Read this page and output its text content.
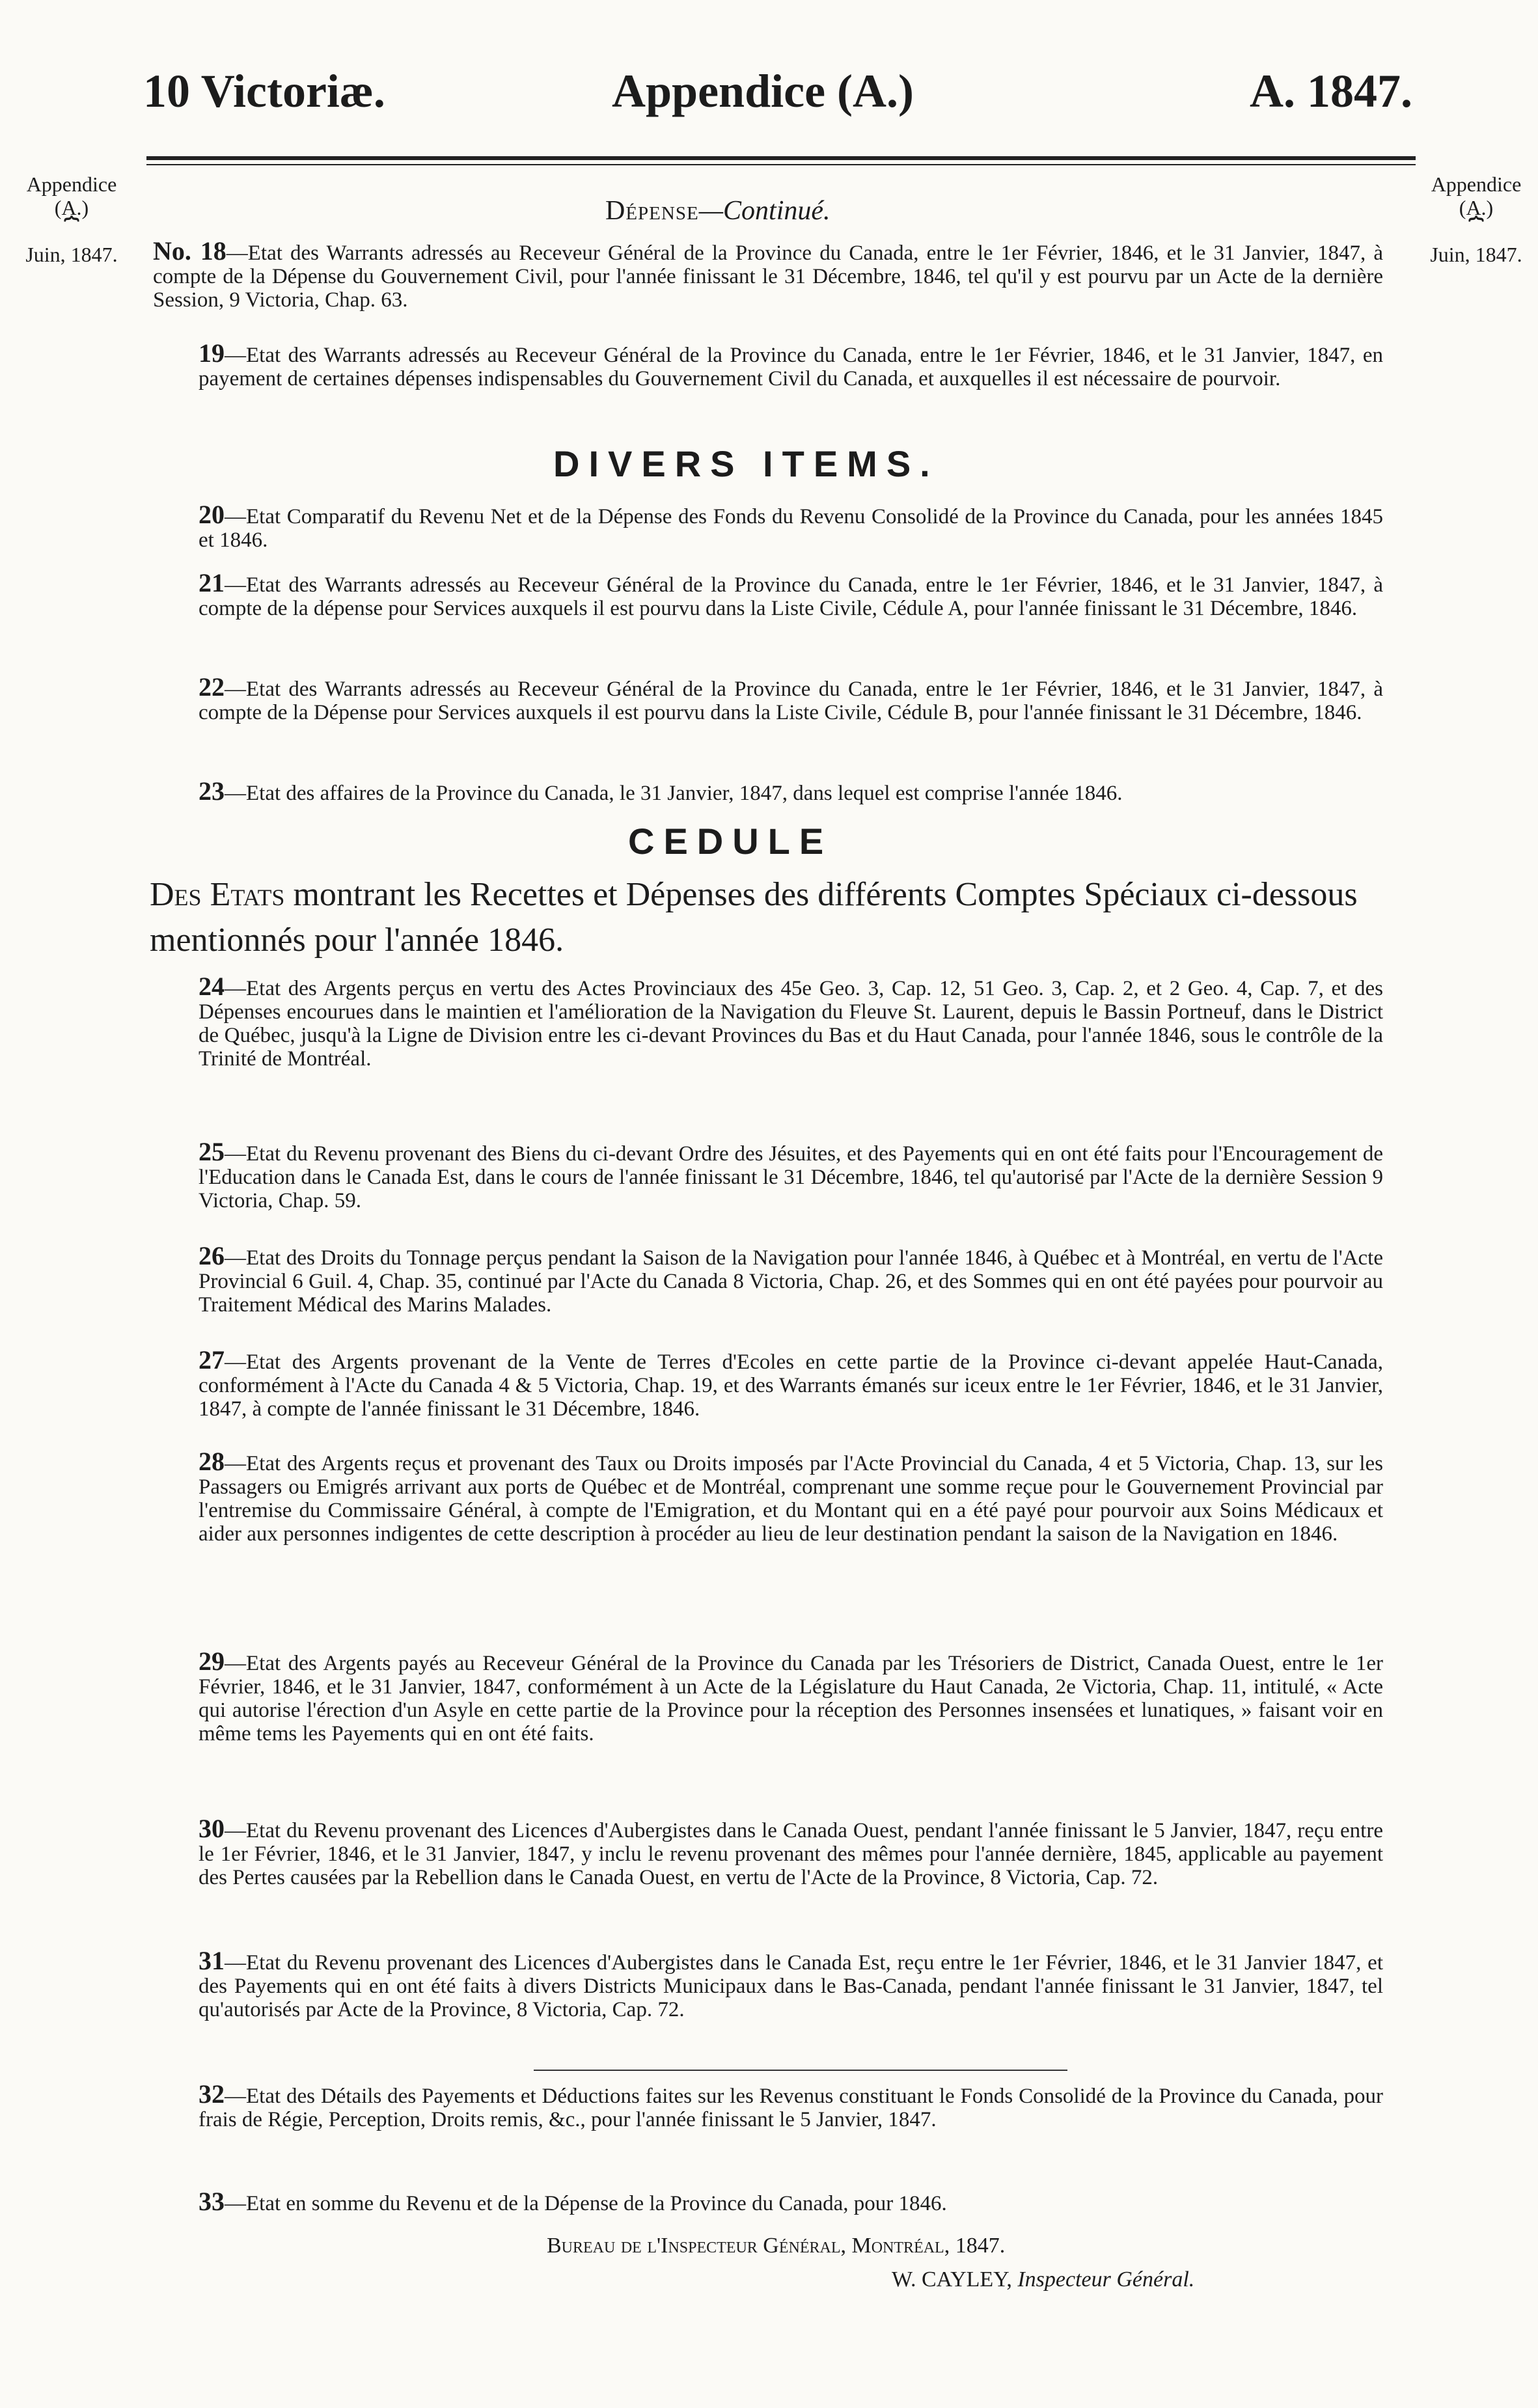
10 Victoriæ.	Appendice (A.)	A. 1847.
Appendice
(A.)
⏞
Juin, 1847.
Appendice
(A.)
⏞
Juin, 1847.
Dépense—Continué.
No. 18—Etat des Warrants adressés au Receveur Général de la Province du Canada, entre le 1er Février, 1846, et le 31 Janvier, 1847, à compte de la Dépense du Gouvernement Civil, pour l'année finissant le 31 Décembre, 1846, tel qu'il y est pourvu par un Acte de la dernière Session, 9 Victoria, Chap. 63.
19—Etat des Warrants adressés au Receveur Général de la Province du Canada, entre le 1er Février, 1846, et le 31 Janvier, 1847, en payement de certaines dépenses indispensables du Gouvernement Civil du Canada, et auxquelles il est nécessaire de pourvoir.
DIVERS ITEMS.
20—Etat Comparatif du Revenu Net et de la Dépense des Fonds du Revenu Consolidé de la Province du Canada, pour les années 1845 et 1846.
21—Etat des Warrants adressés au Receveur Général de la Province du Canada, entre le 1er Février, 1846, et le 31 Janvier, 1847, à compte de la dépense pour Services auxquels il est pourvu dans la Liste Civile, Cédule A, pour l'année finissant le 31 Décembre, 1846.
22—Etat des Warrants adressés au Receveur Général de la Province du Canada, entre le 1er Février, 1846, et le 31 Janvier, 1847, à compte de la Dépense pour Services auxquels il est pourvu dans la Liste Civile, Cédule B, pour l'année finissant le 31 Décembre, 1846.
23—Etat des affaires de la Province du Canada, le 31 Janvier, 1847, dans lequel est comprise l'année 1846.
CEDULE
Des Etats montrant les Recettes et Dépenses des différents Comptes Spéciaux ci-dessous mentionnés pour l'année 1846.
24—Etat des Argents perçus en vertu des Actes Provinciaux des 45e Geo. 3, Cap. 12, 51 Geo. 3, Cap. 2, et 2 Geo. 4, Cap. 7, et des Dépenses encourues dans le maintien et l'amélioration de la Navigation du Fleuve St. Laurent, depuis le Bassin Portneuf, dans le District de Québec, jusqu'à la Ligne de Division entre les ci-devant Provinces du Bas et du Haut Canada, pour l'année 1846, sous le contrôle de la Trinité de Montréal.
25—Etat du Revenu provenant des Biens du ci-devant Ordre des Jésuites, et des Payements qui en ont été faits pour l'Encouragement de l'Education dans le Canada Est, dans le cours de l'année finissant le 31 Décembre, 1846, tel qu'autorisé par l'Acte de la dernière Session 9 Victoria, Chap. 59.
26—Etat des Droits du Tonnage perçus pendant la Saison de la Navigation pour l'année 1846, à Québec et à Montréal, en vertu de l'Acte Provincial 6 Guil. 4, Chap. 35, continué par l'Acte du Canada 8 Victoria, Chap. 26, et des Sommes qui en ont été payées pour pourvoir au Traitement Médical des Marins Malades.
27—Etat des Argents provenant de la Vente de Terres d'Ecoles en cette partie de la Province ci-devant appelée Haut-Canada, conformément à l'Acte du Canada 4 & 5 Victoria, Chap. 19, et des Warrants émanés sur iceux entre le 1er Février, 1846, et le 31 Janvier, 1847, à compte de l'année finissant le 31 Décembre, 1846.
28—Etat des Argents reçus et provenant des Taux ou Droits imposés par l'Acte Provincial du Canada, 4 et 5 Victoria, Chap. 13, sur les Passagers ou Emigrés arrivant aux ports de Québec et de Montréal, comprenant une somme reçue pour le Gouvernement Provincial par l'entremise du Commissaire Général, à compte de l'Emigration, et du Montant qui en a été payé pour pourvoir aux Soins Médicaux et aider aux personnes indigentes de cette description à procéder au lieu de leur destination pendant la saison de la Navigation en 1846.
29—Etat des Argents payés au Receveur Général de la Province du Canada par les Trésoriers de District, Canada Ouest, entre le 1er Février, 1846, et le 31 Janvier, 1847, conformément à un Acte de la Législature du Haut Canada, 2e Victoria, Chap. 11, intitulé, « Acte qui autorise l'érection d'un Asyle en cette partie de la Province pour la réception des Personnes insensées et lunatiques, » faisant voir en même tems les Payements qui en ont été faits.
30—Etat du Revenu provenant des Licences d'Aubergistes dans le Canada Ouest, pendant l'année finissant le 5 Janvier, 1847, reçu entre le 1er Février, 1846, et le 31 Janvier, 1847, y inclu le revenu provenant des mêmes pour l'année dernière, 1845, applicable au payement des Pertes causées par la Rebellion dans le Canada Ouest, en vertu de l'Acte de la Province, 8 Victoria, Cap. 72.
31—Etat du Revenu provenant des Licences d'Aubergistes dans le Canada Est, reçu entre le 1er Février, 1846, et le 31 Janvier 1847, et des Payements qui en ont été faits à divers Districts Municipaux dans le Bas-Canada, pendant l'année finissant le 31 Janvier, 1847, tel qu'autorisés par Acte de la Province, 8 Victoria, Cap. 72.
32—Etat des Détails des Payements et Déductions faites sur les Revenus constituant le Fonds Consolidé de la Province du Canada, pour frais de Régie, Perception, Droits remis, &c., pour l'année finissant le 5 Janvier, 1847.
33—Etat en somme du Revenu et de la Dépense de la Province du Canada, pour 1846.
Bureau de l'Inspecteur Général, Montréal, 1847.
W. CAYLEY, Inspecteur Général.
